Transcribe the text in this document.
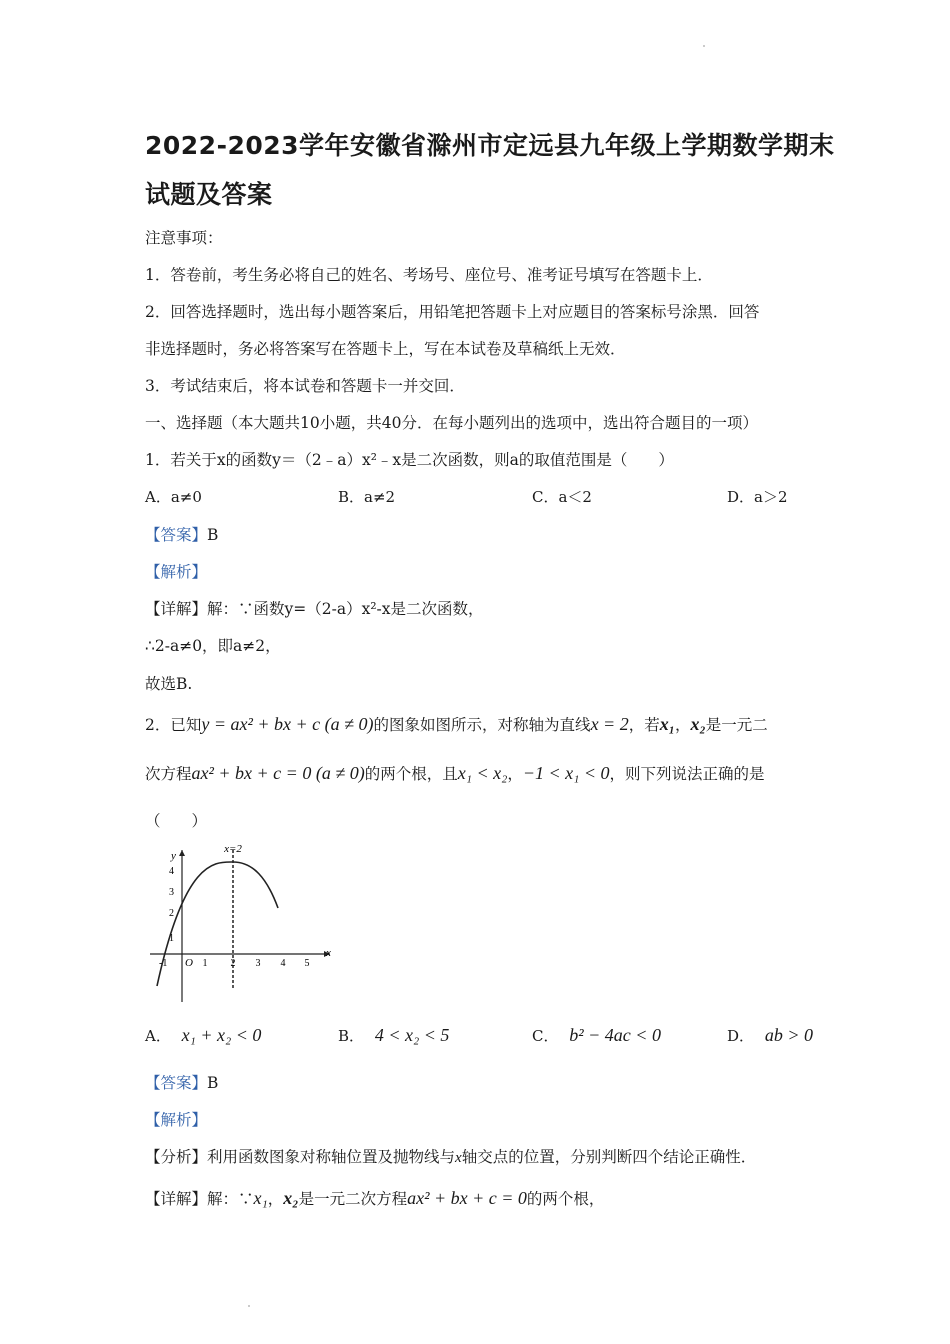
2022-2023学年安徽省滁州市定远县九年级上学期数学期末
试题及答案
注意事项：
1．答卷前，考生务必将自己的姓名、考场号、座位号、准考证号填写在答题卡上．
2．回答选择题时，选出每小题答案后，用铅笔把答题卡上对应题目的答案标号涂黑．回答
非选择题时，务必将答案写在答题卡上，写在本试卷及草稿纸上无效．
3．考试结束后，将本试卷和答题卡一并交回．
一、选择题（本大题共10小题，共40分．在每小题列出的选项中，选出符合题目的一项）
1．若关于x的函数y＝（2﹣a）x²﹣x是二次函数，则a的取值范围是（　　）
A．a≠0	B．a≠2	C．a＜2	D．a＞2
【答案】B
【解析】
【详解】解：∵函数y=（2-a）x²-x是二次函数，
∴2-a≠0，即a≠2，
故选B.
2．已知y = ax² + bx + c (a ≠ 0)的图象如图所示，对称轴为直线x = 2，若x₁，x₂是一元二
次方程ax² + bx + c = 0 (a ≠ 0)的两个根，且x₁ < x₂，−1 < x₁ < 0，则下列说法正确的是
（　　）
x=2
y
x
O
-1	1 2 3 4 5
1
2
3
4
A． x₁ + x₂ < 0	B． 4 < x₂ < 5	C． b² − 4ac < 0	D． ab > 0
【答案】B
【解析】
【分析】利用函数图象对称轴位置及抛物线与x轴交点的位置，分别判断四个结论正确性．
【详解】解：∵x₁，x₂是一元二次方程ax² + bx + c = 0的两个根，
